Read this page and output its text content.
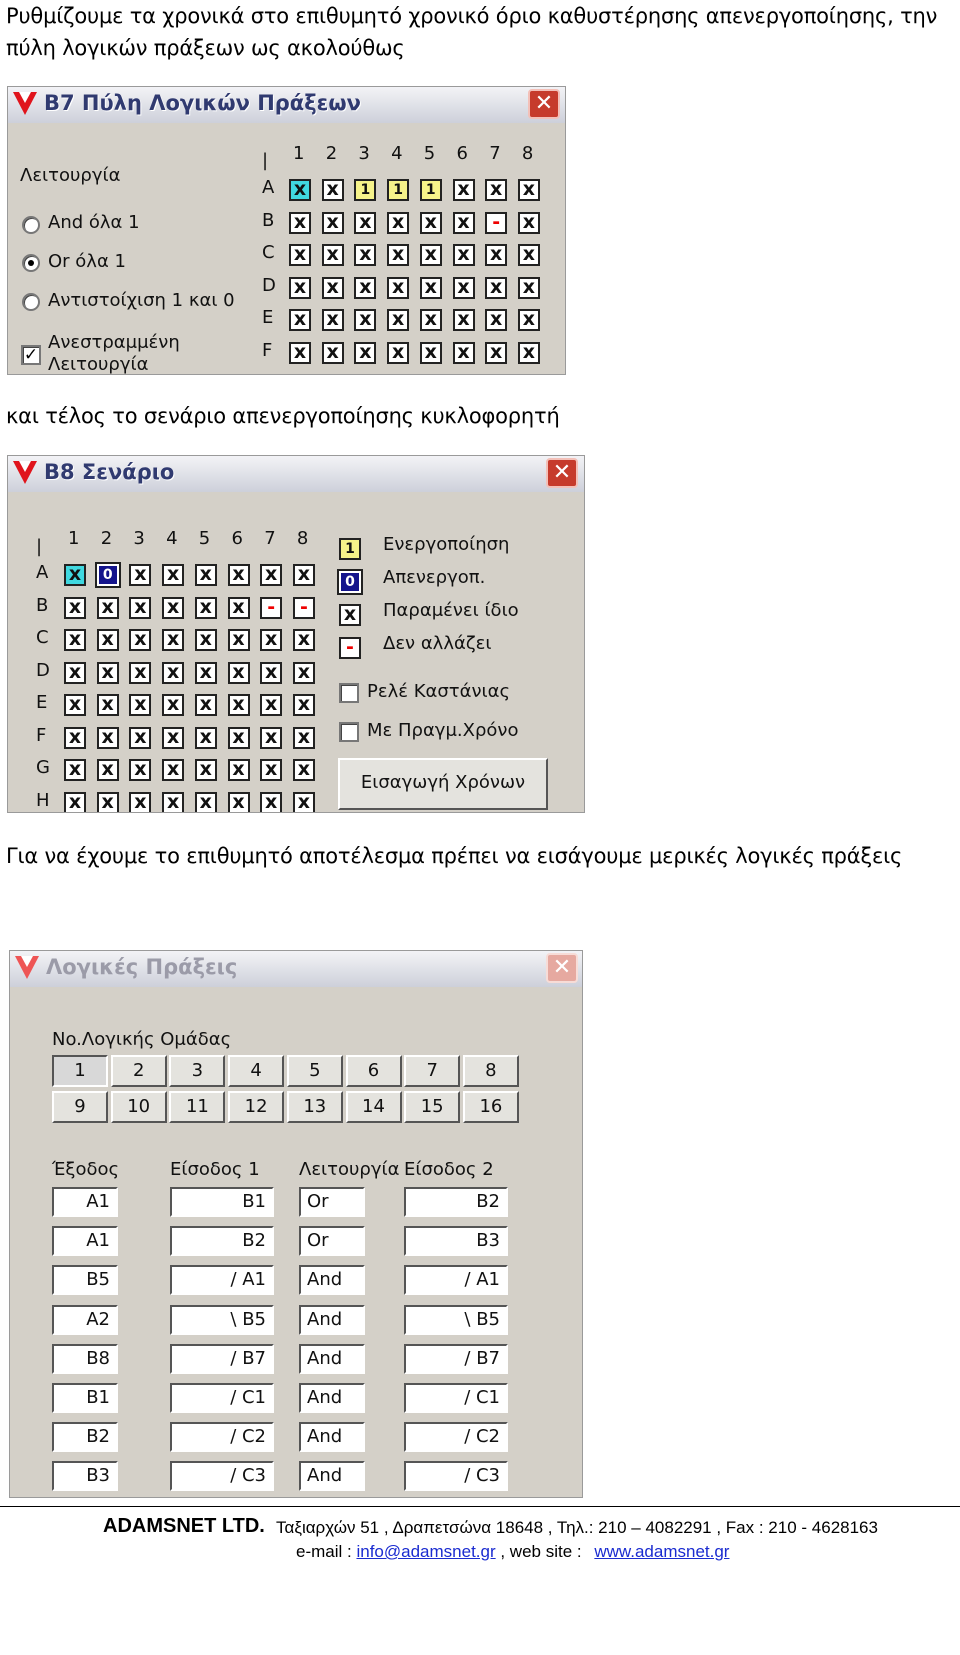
Ρυθμίζουμε τα χρονικά στο επιθυμητό χρονικό όριο καθυστέρησης απενεργοποίησης, την
πύλη λογικών πράξεων ως ακολούθως
B7 Πύλη Λογικών Πράξεων	✕
Λειτουργία
And όλα 1
Or όλα 1
Αντιστοίχιση 1 και 0
✓
Ανεστραμμένη
Λειτουργία
| 1 2 3 4 5 6 7 8
A x x	1	1	1	x x x
B x x x x x x	-	x
C x x x x x x x x
D x x x x x x x x
E x x x x x x x x
F x x x x x x x x
και τέλος το σενάριο απενεργοποίησης κυκλοφορητή
B8 Σενάριο	✕
| 1 2 3 4 5 6 7 8
A x	0	x x x x x x
B x x x x x x	-	-
C x x x x x x x x
D x x x x x x x x
E x x x x x x x x
F x x x x x x x x
G x x x x x x x x
H x x x x x x x x
1	Ενεργοποίηση
0	Απενεργοπ.
x Παραμένει ίδιο
-	Δεν αλλάζει
Ρελέ Καστάνιας
Με Πραγμ.Χρόνο
Εισαγωγή Χρόνων
Για να έχουμε το επιθυμητό αποτέλεσμα πρέπει να εισάγουμε μερικές λογικές πράξεις
Λογικές Πράξεις	✕
No.Λογικής Ομάδας
1	2	3	4	5	6	7	8
9	10	11	12	13	14	15	16
Έξοδος	Είσοδος 1 Λειτουργία Είσοδος 2
A1	B1	Or	B2
A1	B2	Or	B3
B5	/ A1	And	/ A1
A2	\ B5	And	\ B5
B8	/ B7	And	/ B7
B1	/ C1	And	/ C1
B2	/ C2	And	/ C2
B3	/ C3	And	/ C3
ADAMSNET LTD. Ταξιαρχών 51 , Δραπετσώνα 18648 , Τηλ.: 210 – 4082291 , Fax : 210 - 4628163
e-mail : info@adamsnet.gr , web site : www.adamsnet.gr
